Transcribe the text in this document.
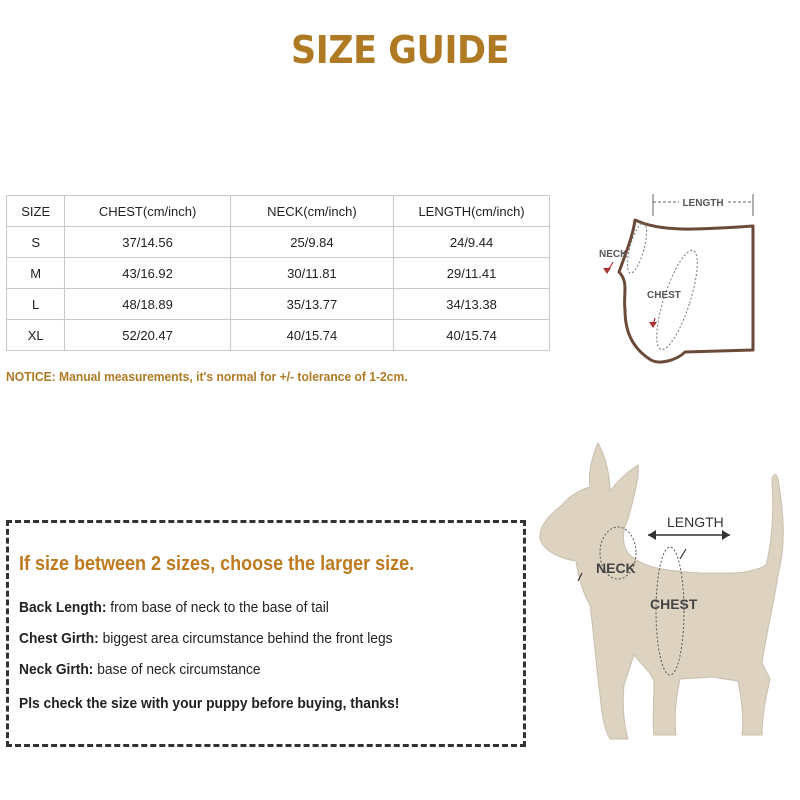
SIZE GUIDE
SIZE	CHEST(cm/inch)	NECK(cm/inch)	LENGTH(cm/inch)
S	37/14.56	25/9.84	24/9.44
M	43/16.92	30/11.81	29/11.41
L	48/18.89	35/13.77	34/13.38
XL	52/20.47	40/15.74	40/15.74
NOTICE: Manual measurements, it's normal for +/- tolerance of 1-2cm.
LENGTH
NECK
CHEST
If size between 2 sizes, choose the larger size.
Back Length: from base of neck to the base of tail
Chest Girth: biggest area circumstance behind the front legs
Neck Girth: base of neck circumstance
Pls check the size with your puppy before buying, thanks!
LENGTH
NECK
CHEST
